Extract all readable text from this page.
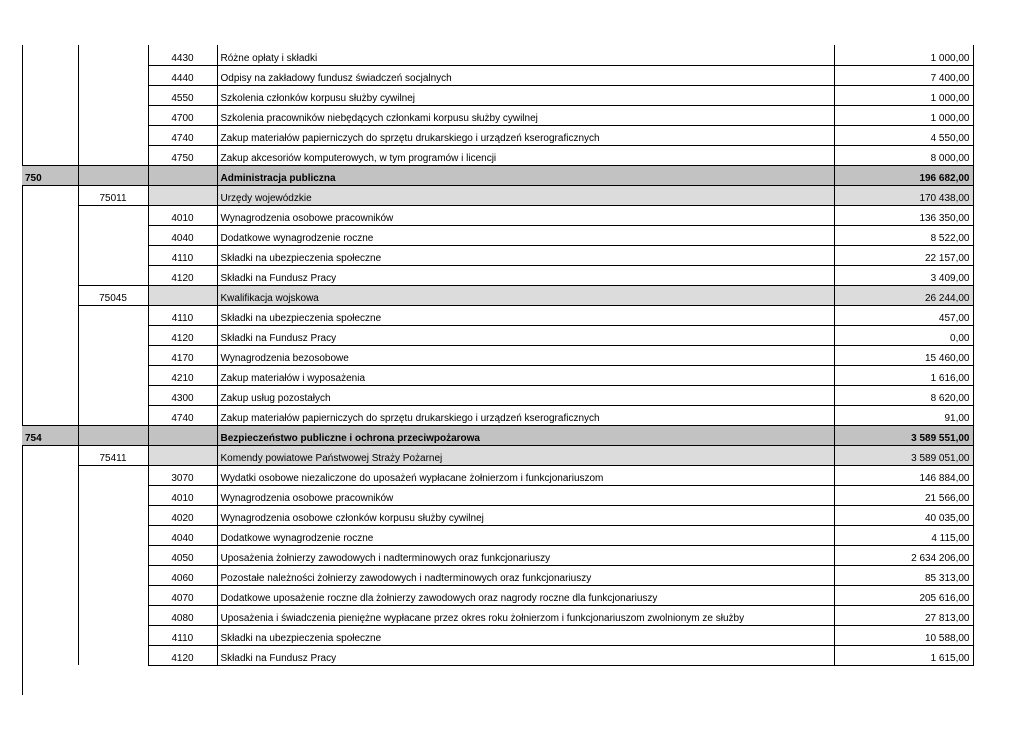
		4430	Różne opłaty i składki	1 000,00
		4440	Odpisy na zakładowy fundusz świadczeń socjalnych	7 400,00
		4550	Szkolenia członków korpusu służby cywilnej	1 000,00
		4700	Szkolenia pracowników niebędących członkami korpusu służby cywilnej	1 000,00
		4740	Zakup materiałów papierniczych do sprzętu drukarskiego i urządzeń kserograficznych	4 550,00
		4750	Zakup akcesoriów komputerowych, w tym programów i licencji	8 000,00
750			Administracja publiczna	196 682,00
	75011		Urzędy wojewódzkie	170 438,00
		4010	Wynagrodzenia osobowe pracowników	136 350,00
		4040	Dodatkowe wynagrodzenie roczne	8 522,00
		4110	Składki na ubezpieczenia społeczne	22 157,00
		4120	Składki na Fundusz Pracy	3 409,00
	75045		Kwalifikacja wojskowa	26 244,00
		4110	Składki na ubezpieczenia społeczne	457,00
		4120	Składki na Fundusz Pracy	0,00
		4170	Wynagrodzenia bezosobowe	15 460,00
		4210	Zakup materiałów i wyposażenia	1 616,00
		4300	Zakup usług pozostałych	8 620,00
		4740	Zakup materiałów papierniczych do sprzętu drukarskiego i urządzeń kserograficznych	91,00
754			Bezpieczeństwo publiczne i ochrona przeciwpożarowa	3 589 551,00
	75411		Komendy powiatowe Państwowej Straży Pożarnej	3 589 051,00
		3070	Wydatki osobowe niezaliczone do uposażeń wypłacane żołnierzom i funkcjonariuszom	146 884,00
		4010	Wynagrodzenia osobowe pracowników	21 566,00
		4020	Wynagrodzenia osobowe członków korpusu służby cywilnej	40 035,00
		4040	Dodatkowe wynagrodzenie roczne	4 115,00
		4050	Uposażenia żołnierzy zawodowych i nadterminowych oraz funkcjonariuszy	2 634 206,00
		4060	Pozostałe należności żołnierzy zawodowych i nadterminowych oraz funkcjonariuszy	85 313,00
		4070	Dodatkowe uposażenie roczne dla żołnierzy zawodowych oraz nagrody roczne dla funkcjonariuszy	205 616,00
		4080	Uposażenia i świadczenia pieniężne wypłacane przez okres roku żołnierzom i funkcjonariuszom zwolnionym ze służby	27 813,00
		4110	Składki na ubezpieczenia społeczne	10 588,00
		4120	Składki na Fundusz Pracy	1 615,00
